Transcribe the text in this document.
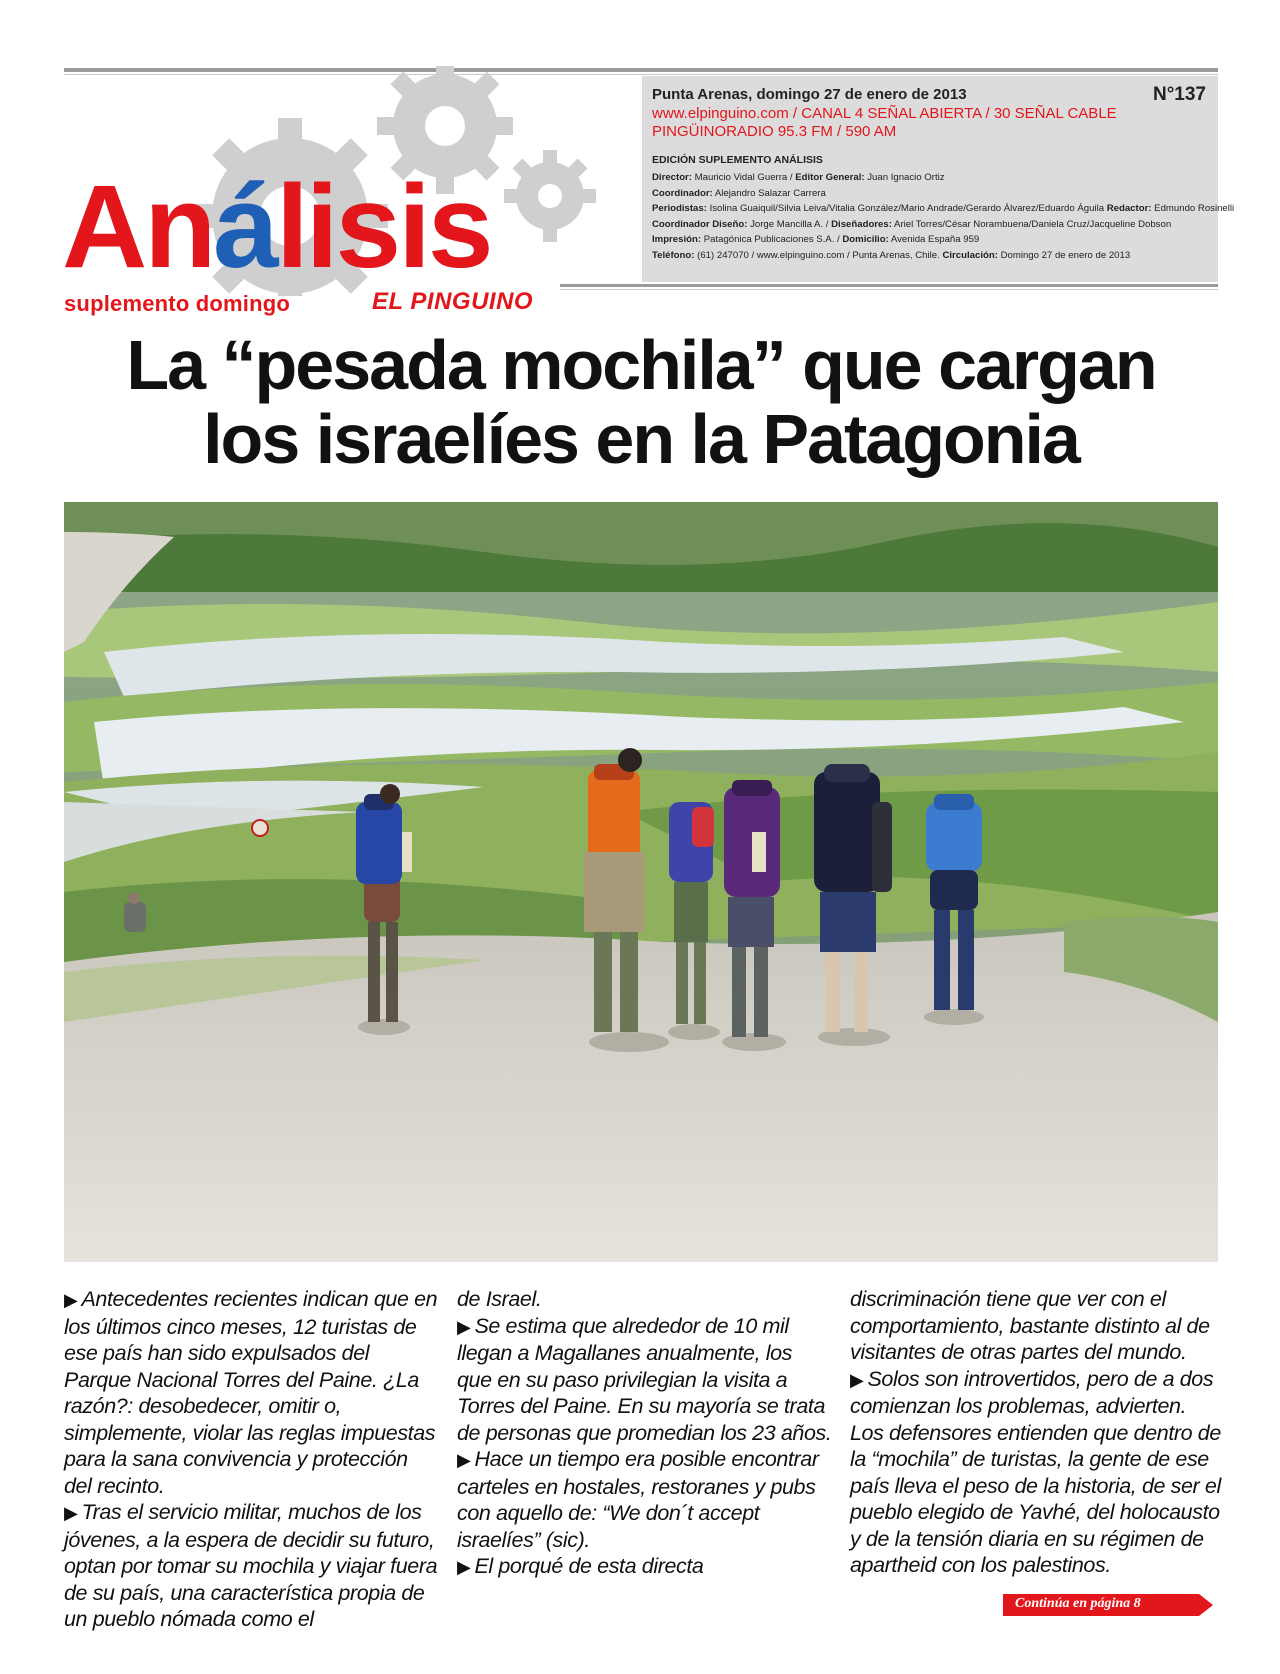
Análisis
suplemento domingo	EL PINGUINO
N°137

Punta Arenas, domingo 27 de enero de 2013

www.elpinguino.com / CANAL 4 SEÑAL ABIERTA / 30 SEÑAL CABLE

PINGÜINORADIO 95.3 FM / 590 AM

EDICIÓN SUPLEMENTO ANÁLISIS

Director: Mauricio Vidal Guerra / Editor General: Juan Ignacio Ortiz

Coordinador: Alejandro Salazar Carrera

Periodistas: Isolina Guaiquil/Silvia Leiva/Vitalia González/Mario Andrade/Gerardo Álvarez/Eduardo Águila Redactor: Edmundo Rosinelli

Coordinador Diseño: Jorge Mancilla A. / Diseñadores: Ariel Torres/César Norambuena/Daniela Cruz/Jacqueline Dobson

Impresión: Patagónica Publicaciones S.A. / Domicilio: Avenida España 959

Teléfono: (61) 247070 / www.elpinguino.com / Punta Arenas, Chile. Circulación: Domingo 27 de enero de 2013

La “pesada mochila” que cargan
los israelíes en la Patagonia

▶ Antecedentes recientes indican que en los últimos cinco meses, 12 turistas de ese país han sido expulsados del Parque Nacional Torres del Paine. ¿La razón?: desobedecer, omitir o, simplemente, violar las reglas impuestas para la sana convivencia y protección del recinto.

▶ Tras el servicio militar, muchos de los jóvenes, a la espera de decidir su futuro, optan por tomar su mochila y viajar fuera de su país, una característica propia de un pueblo nómada como el

de Israel.

▶ Se estima que alrededor de 10 mil llegan a Magallanes anualmente, los que en su paso privilegian la visita a Torres del Paine. En su mayoría se trata de personas que promedian los 23 años.

▶ Hace un tiempo era posible encontrar carteles en hostales, restoranes y pubs con aquello de: “We don´t accept israelíes” (sic).

▶ El porqué de esta directa

discriminación tiene que ver con el comportamiento, bastante distinto al de visitantes de otras partes del mundo.

▶ Solos son introvertidos, pero de a dos comienzan los problemas, advierten. Los defensores entienden que dentro de la “mochila” de turistas, la gente de ese país lleva el peso de la historia, de ser el pueblo elegido de Yavhé, del holocausto y de la tensión diaria en su régimen de apartheid con los palestinos.

Continúa en página 8
